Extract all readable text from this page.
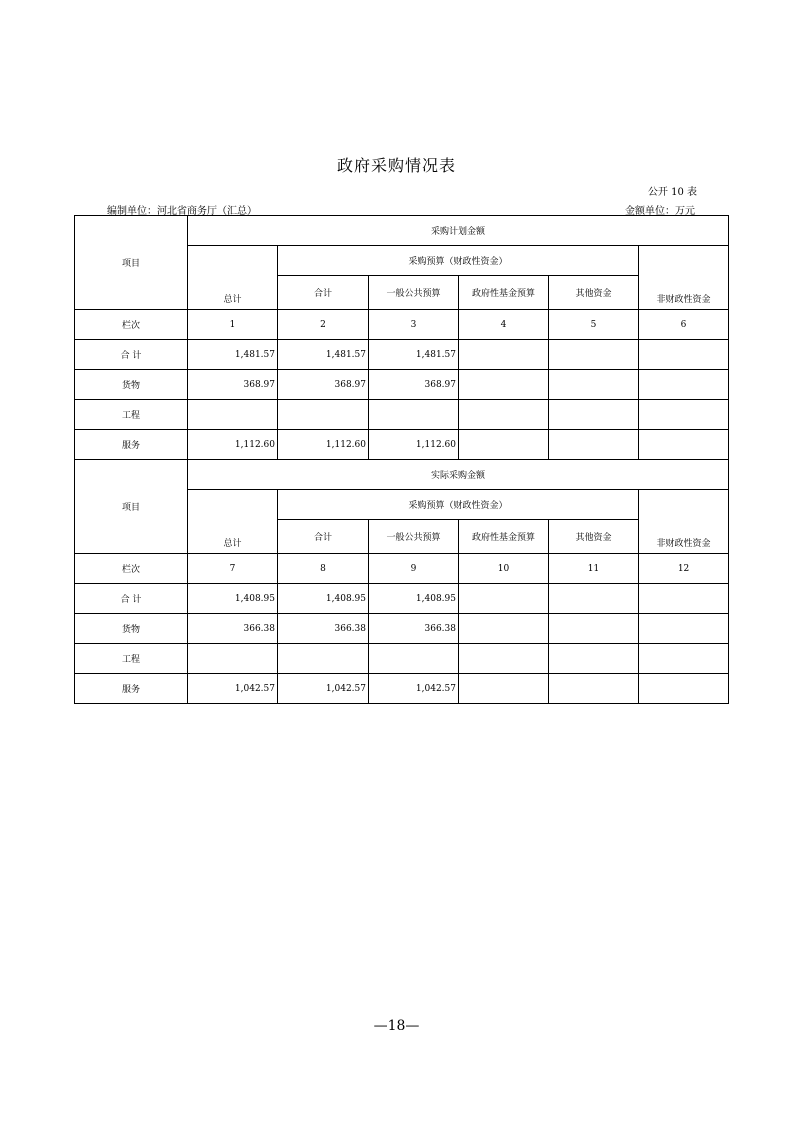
政府采购情况表
公开 10 表
编制单位：河北省商务厅（汇总）	金额单位：万元
项目	采购计划金额					
	总计	采购预算（财政性资金）				非财政性资金
		合计	一般公共预算	政府性基金预算	其他资金	
栏次	1	2	3	4	5	6
合 计	1,481.57	1,481.57	1,481.57			
货物	368.97	368.97	368.97			
工程						
服务	1,112.60	1,112.60	1,112.60			
项目	实际采购金额					
	总计	采购预算（财政性资金）				非财政性资金
		合计	一般公共预算	政府性基金预算	其他资金	
栏次	7	8	9	10	11	12
合 计	1,408.95	1,408.95	1,408.95			
货物	366.38	366.38	366.38			
工程						
服务	1,042.57	1,042.57	1,042.57			
—18—
